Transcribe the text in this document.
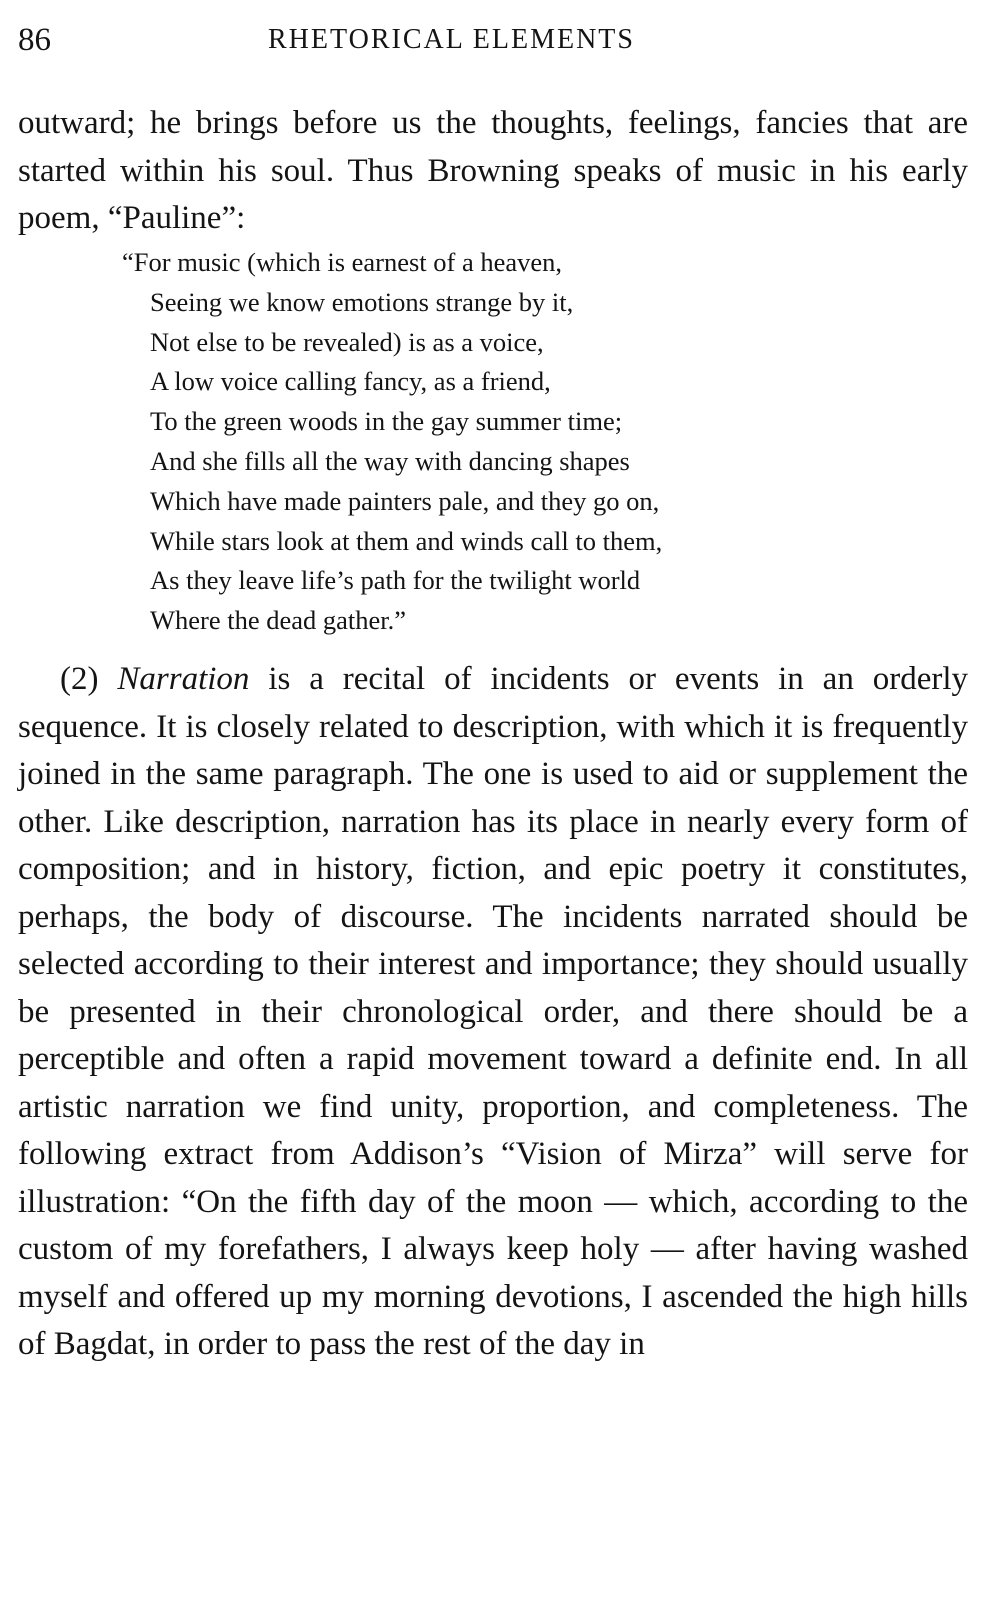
86	RHETORICAL ELEMENTS

outward; he brings before us the thoughts, feelings, fancies that are started within his soul. Thus Browning speaks of music in his early poem, “Pauline”:

“For music (which is earnest of a heaven,
Seeing we know emotions strange by it,
Not else to be revealed) is as a voice,
A low voice calling fancy, as a friend,
To the green woods in the gay summer time;
And she fills all the way with dancing shapes
Which have made painters pale, and they go on,
While stars look at them and winds call to them,
As they leave life’s path for the twilight world
Where the dead gather.”

(2) Narration is a recital of incidents or events in an orderly sequence. It is closely related to description, with which it is frequently joined in the same paragraph. The one is used to aid or supplement the other. Like description, narration has its place in nearly every form of composition; and in history, fiction, and epic poetry it constitutes, perhaps, the body of discourse. The incidents narrated should be selected according to their interest and importance; they should usually be presented in their chronological order, and there should be a perceptible and often a rapid movement toward a definite end. In all artistic narration we find unity, proportion, and completeness. The following extract from Addison’s “Vision of Mirza” will serve for illustration: “On the fifth day of the moon — which, according to the custom of my forefathers, I always keep holy — after having washed myself and offered up my morning devotions, I ascended the high hills of Bagdat, in order to pass the rest of the day in
